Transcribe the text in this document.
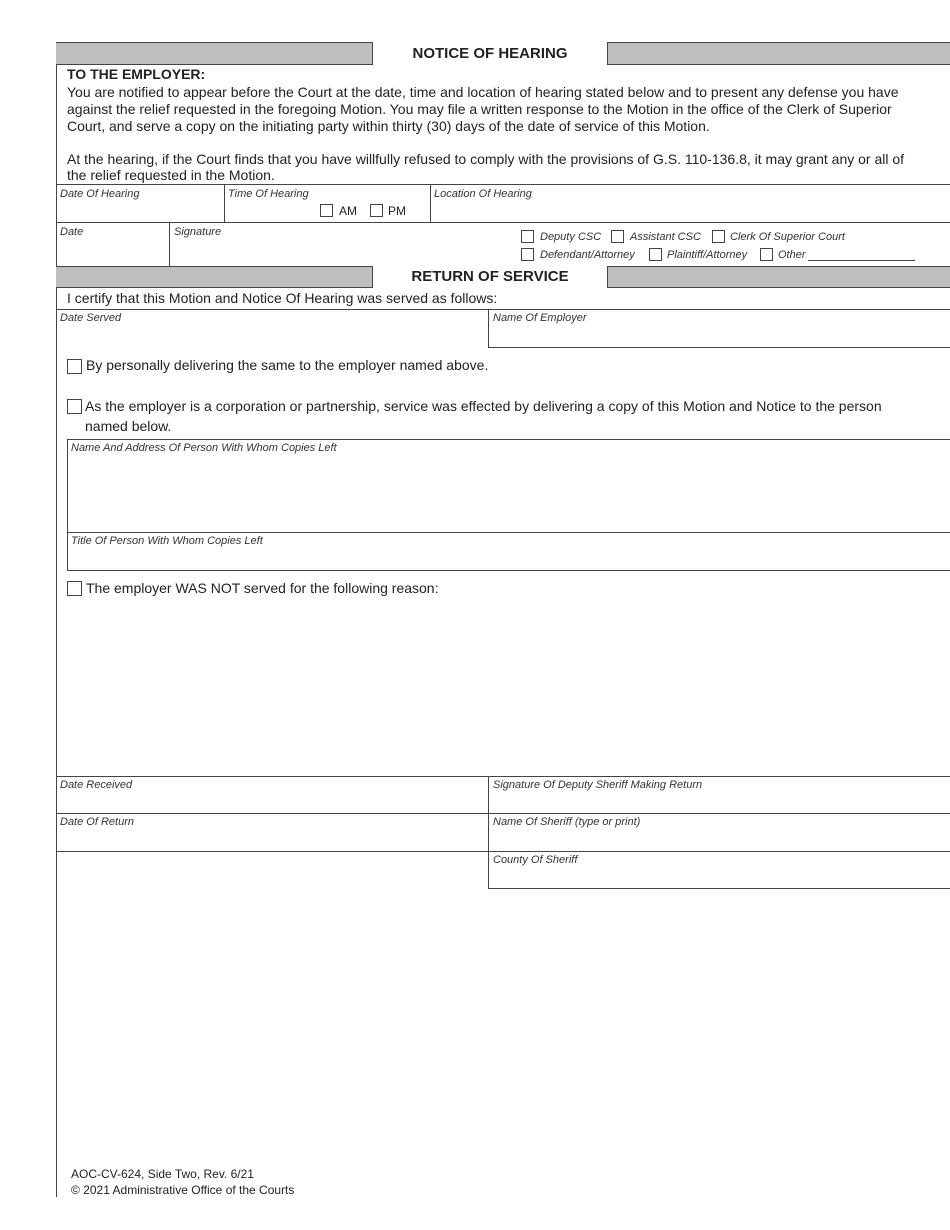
NOTICE OF HEARING
TO THE EMPLOYER:
You are notified to appear before the Court at the date, time and location of hearing stated below and to present any defense you have
against the relief requested in the foregoing Motion. You may file a written response to the Motion in the office of the Clerk of Superior
Court, and serve a copy on the initiating party within thirty (30) days of the date of service of this Motion.
At the hearing, if the Court finds that you have willfully refused to comply with the provisions of G.S. 110-136.8, it may grant any or all of
the relief requested in the Motion.
Date Of Hearing	Time Of Hearing
AM	PM
Location Of Hearing
Date	Signature	Deputy CSC	Assistant CSC	Clerk Of Superior Court
Defendant/Attorney	Plaintiff/Attorney	Other
RETURN OF SERVICE
I certify that this Motion and Notice Of Hearing was served as follows:
Date Served	Name Of Employer
By personally delivering the same to the employer named above.
As the employer is a corporation or partnership, service was effected by delivering a copy of this Motion and Notice to the person
named below.
Name And Address Of Person With Whom Copies Left
Title Of Person With Whom Copies Left
The employer WAS NOT served for the following reason:
Date Received	Signature Of Deputy Sheriff Making Return
Date Of Return	Name Of Sheriff (type or print)
County Of Sheriff
AOC-CV-624, Side Two, Rev. 6/21
© 2021 Administrative Office of the Courts
